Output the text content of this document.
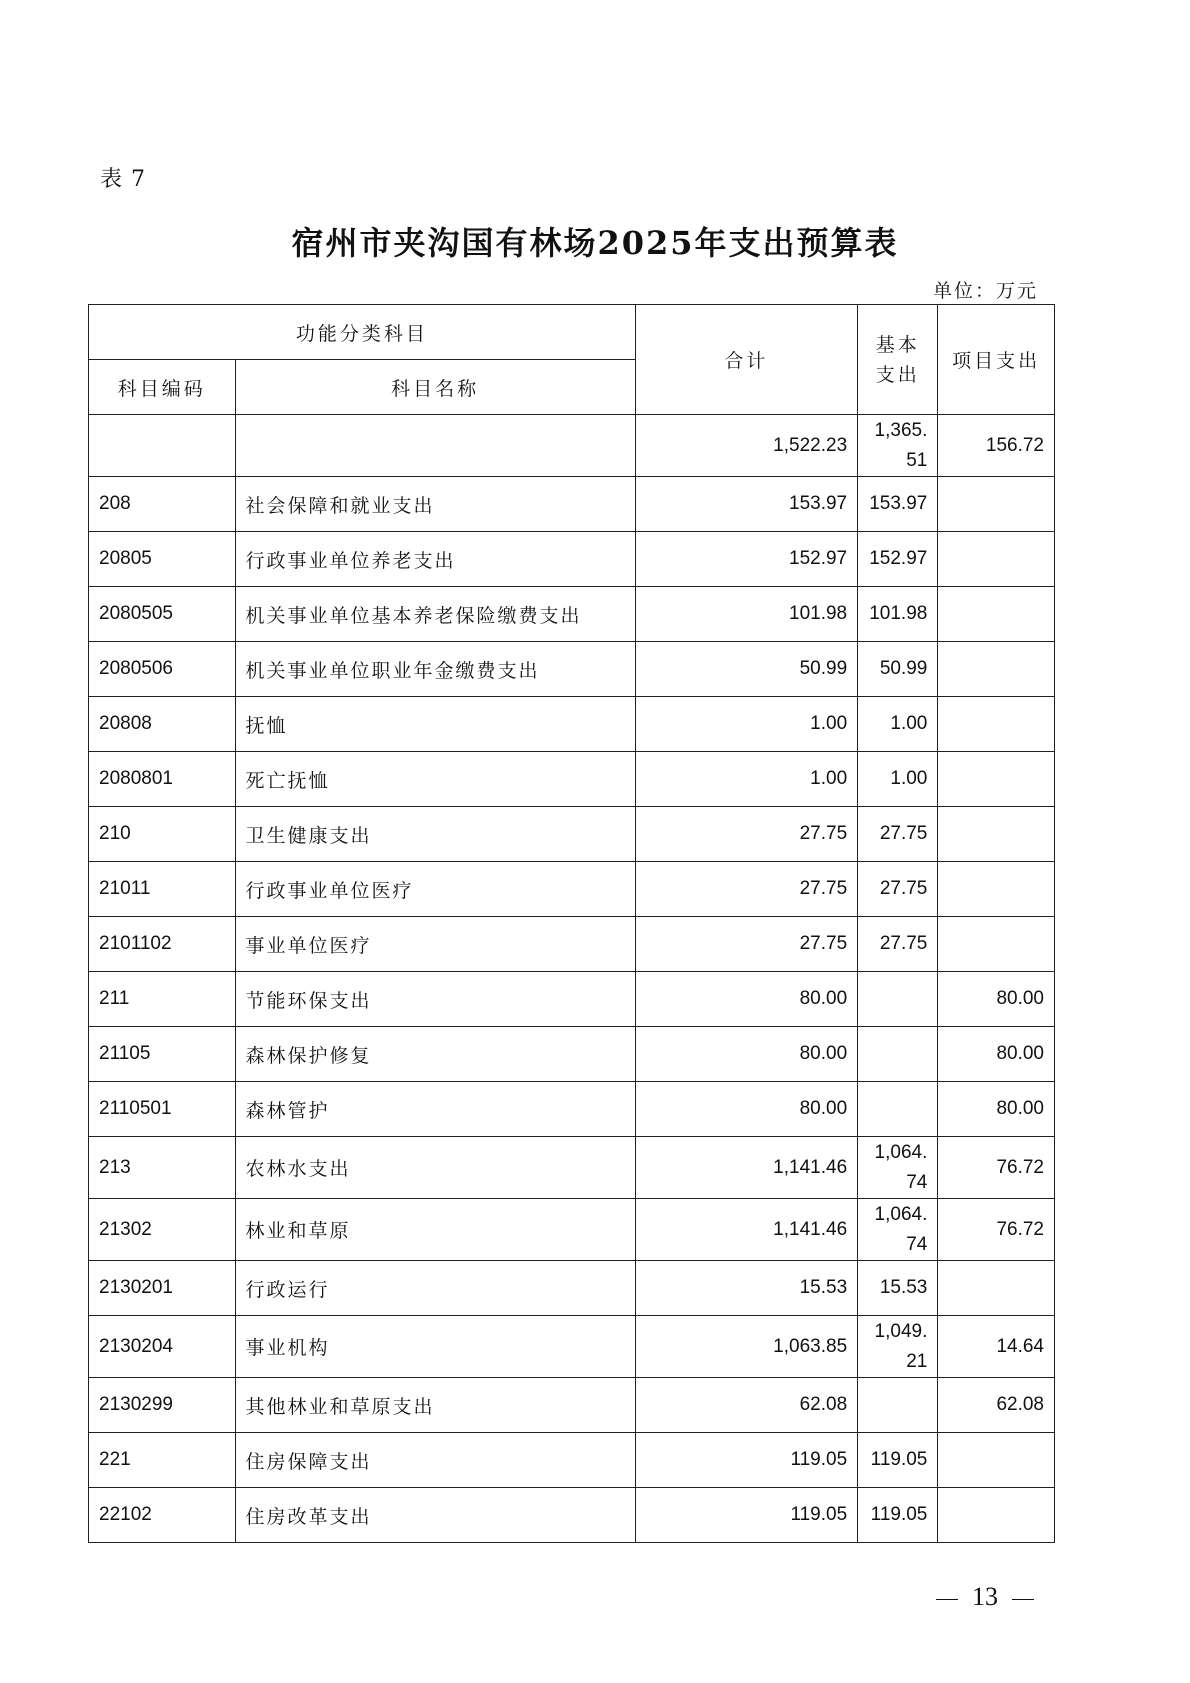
表 7
宿州市夹沟国有林场2025年支出预算表
单位：万元
功能分类科目		合计	基本支出	项目支出
科目编码	科目名称			
		1,522.23	1,365.51	156.72
208	社会保障和就业支出	153.97	153.97	
20805	行政事业单位养老支出	152.97	152.97	
2080505	机关事业单位基本养老保险缴费支出	101.98	101.98	
2080506	机关事业单位职业年金缴费支出	50.99	50.99	
20808	抚恤	1.00	1.00	
2080801	死亡抚恤	1.00	1.00	
210	卫生健康支出	27.75	27.75	
21011	行政事业单位医疗	27.75	27.75	
2101102	事业单位医疗	27.75	27.75	
211	节能环保支出	80.00		80.00
21105	森林保护修复	80.00		80.00
2110501	森林管护	80.00		80.00
213	农林水支出	1,141.46	1,064.74	76.72
21302	林业和草原	1,141.46	1,064.74	76.72
2130201	行政运行	15.53	15.53	
2130204	事业机构	1,063.85	1,049.21	14.64
2130299	其他林业和草原支出	62.08		62.08
221	住房保障支出	119.05	119.05	
22102	住房改革支出	119.05	119.05	
13
